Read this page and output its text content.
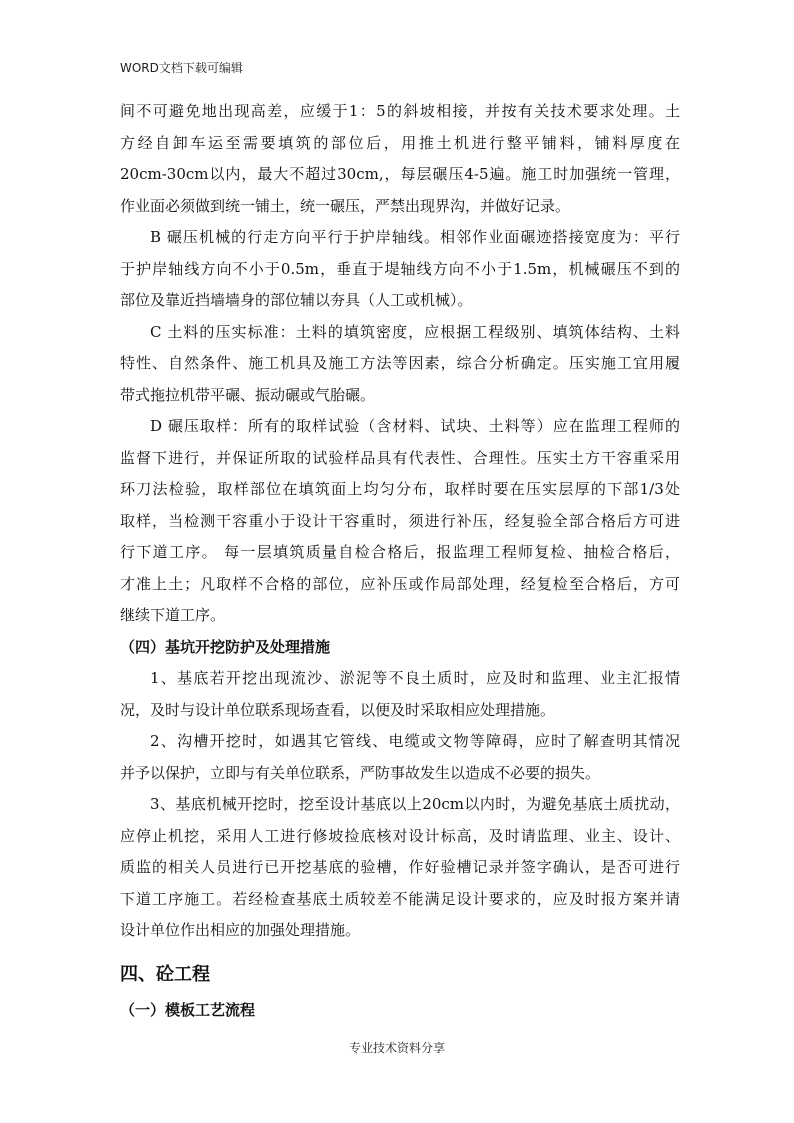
WORD文档下载可编辑
间不可避免地出现高差，应缓于1：5的斜坡相接，并按有关技术要求处理。土
方经自卸车运至需要填筑的部位后，用推土机进行整平铺料，铺料厚度在
20cm-30cm以内，最大不超过30cm,，每层碾压4-5遍。施工时加强统一管理，
作业面必须做到统一铺土，统一碾压，严禁出现界沟，并做好记录。
B 碾压机械的行走方向平行于护岸轴线。相邻作业面碾迹搭接宽度为：平行
于护岸轴线方向不小于0.5m，垂直于堤轴线方向不小于1.5m，机械碾压不到的
部位及靠近挡墙墙身的部位辅以夯具（人工或机械）。
C 土料的压实标准：土料的填筑密度，应根据工程级别、填筑体结构、土料
特性、自然条件、施工机具及施工方法等因素，综合分析确定。压实施工宜用履
带式拖拉机带平碾、振动碾或气胎碾。
D 碾压取样：所有的取样试验（含材料、试块、土料等）应在监理工程师的
监督下进行，并保证所取的试验样品具有代表性、合理性。压实土方干容重采用
环刀法检验，取样部位在填筑面上均匀分布，取样时要在压实层厚的下部1/3处
取样，当检测干容重小于设计干容重时，须进行补压，经复验全部合格后方可进
行下道工序。 每一层填筑质量自检合格后，报监理工程师复检、抽检合格后，
才准上土；凡取样不合格的部位，应补压或作局部处理，经复检至合格后，方可
继续下道工序。
（四）基坑开挖防护及处理措施
1、基底若开挖出现流沙、淤泥等不良土质时，应及时和监理、业主汇报情
况，及时与设计单位联系现场查看，以便及时采取相应处理措施。
2、沟槽开挖时，如遇其它管线、电缆或文物等障碍，应时了解查明其情况
并予以保护，立即与有关单位联系，严防事故发生以造成不必要的损失。
3、基底机械开挖时，挖至设计基底以上20cm以内时，为避免基底土质扰动，
应停止机挖，采用人工进行修坡捡底核对设计标高，及时请监理、业主、设计、
质监的相关人员进行已开挖基底的验槽，作好验槽记录并签字确认，是否可进行
下道工序施工。若经检查基底土质较差不能满足设计要求的，应及时报方案并请
设计单位作出相应的加强处理措施。
四、砼工程
（一）模板工艺流程
专业技术资料分享
